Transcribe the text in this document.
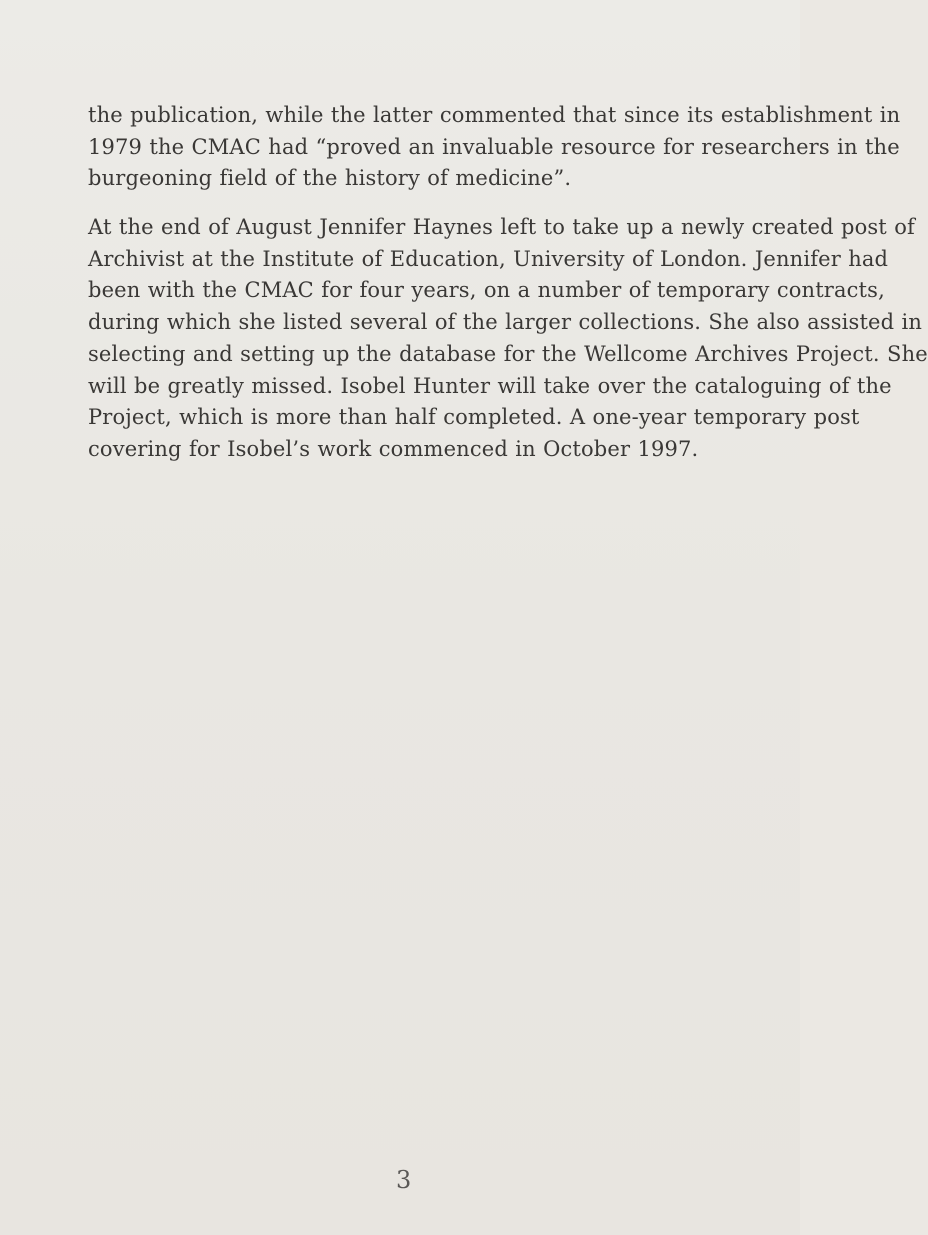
the publication, while the latter commented that since its establishment in
1979 the CMAC had “proved an invaluable resource for researchers in the
burgeoning field of the history of medicine”.
At the end of August Jennifer Haynes left to take up a newly created post of
Archivist at the Institute of Education, University of London. Jennifer had
been with the CMAC for four years, on a number of temporary contracts,
during which she listed several of the larger collections. She also assisted in
selecting and setting up the database for the Wellcome Archives Project. She
will be greatly missed. Isobel Hunter will take over the cataloguing of the
Project, which is more than half completed. A one-year temporary post
covering for Isobel’s work commenced in October 1997.
3
